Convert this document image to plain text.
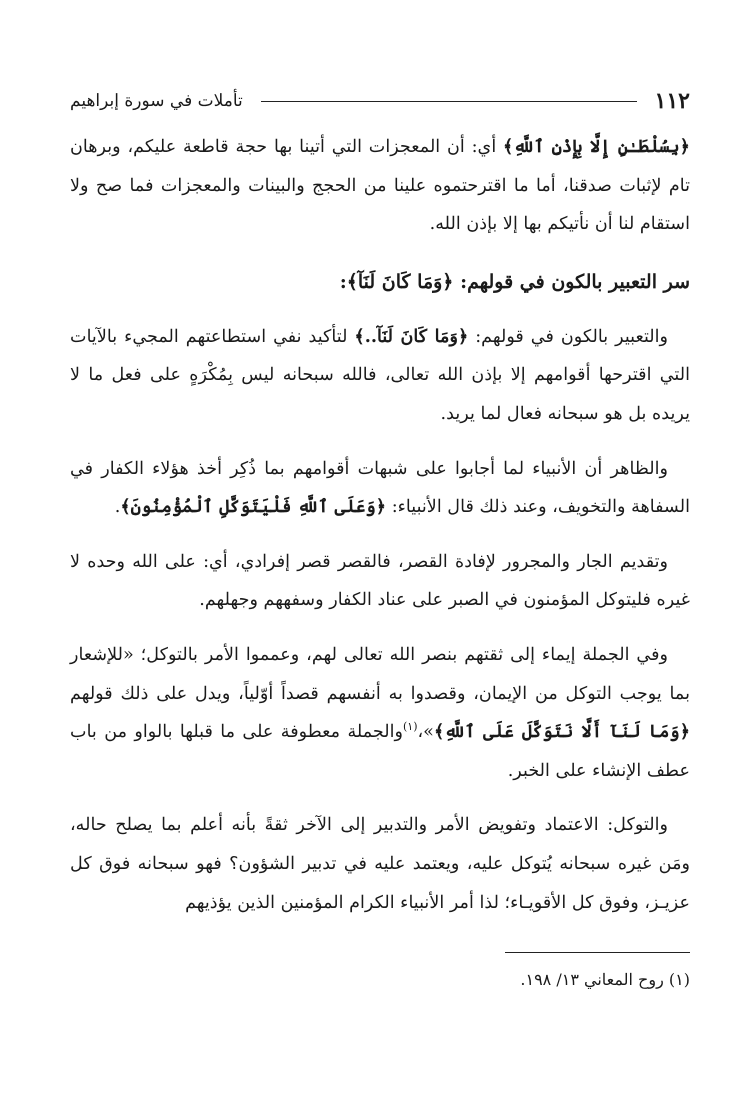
١١٢
تأملات في سورة إبراهيم

﴿بِسُلْطَـٰنٍ إِلَّا بِإِذْنِ ٱللَّهِ﴾ أي: أن المعجزات التي أتينا بها حجة قاطعة عليكم، وبرهان تام لإثبات صدقنا، أما ما اقترحتموه علينا من الحجج والبينات والمعجزات فما صح ولا استقام لنا أن نأتيكم بها إلا بإذن الله.

سر التعبير بالكون في قولهم: ﴿وَمَا كَانَ لَنَآ﴾:

والتعبير بالكون في قولهم: ﴿وَمَا كَانَ لَنَآ..﴾ لتأكيد نفي استطاعتهم المجيء بالآيات التي اقترحها أقوامهم إلا بإذن الله تعالى، فالله سبحانه ليس بِمُكْرَهٍ على فعل ما لا يريده بل هو سبحانه فعال لما يريد.

والظاهر أن الأنبياء لما أجابوا على شبهات أقوامهم بما ذُكِر أخذ هؤلاء الكفار في السفاهة والتخويف، وعند ذلك قال الأنبياء: ﴿وَعَلَى ٱللَّهِ فَلْيَتَوَكَّلِ ٱلْمُؤْمِنُونَ﴾.

وتقديم الجار والمجرور لإفادة القصر، فالقصر قصر إفرادي، أي: على الله وحده لا غيره فليتوكل المؤمنون في الصبر على عناد الكفار وسفههم وجهلهم.

وفي الجملة إيماء إلى ثقتهم بنصر الله تعالى لهم، وعمموا الأمر بالتوكل؛ «للإشعار بما يوجب التوكل من الإيمان، وقصدوا به أنفسهم قصداً أوّلياً، ويدل على ذلك قولهم ﴿وَمَا لَنَآ أَلَّا نَتَوَكَّلَ عَلَى ٱللَّهِ﴾»،$^{(١)}$والجملة معطوفة على ما قبلها بالواو من باب عطف الإنشاء على الخبر.

والتوكل: الاعتماد وتفويض الأمر والتدبير إلى الآخر ثقةً بأنه أعلم بما يصلح حاله، ومَن غيره سبحانه يُتوكل عليه، ويعتمد عليه في تدبير الشؤون؟ فهو سبحانه فوق كل عزيـز، وفوق كل الأقويـاء؛ لذا أمر الأنبياء الكرام المؤمنين الذين يؤذيهم

(١) روح المعاني ١٣/ ١٩٨.
